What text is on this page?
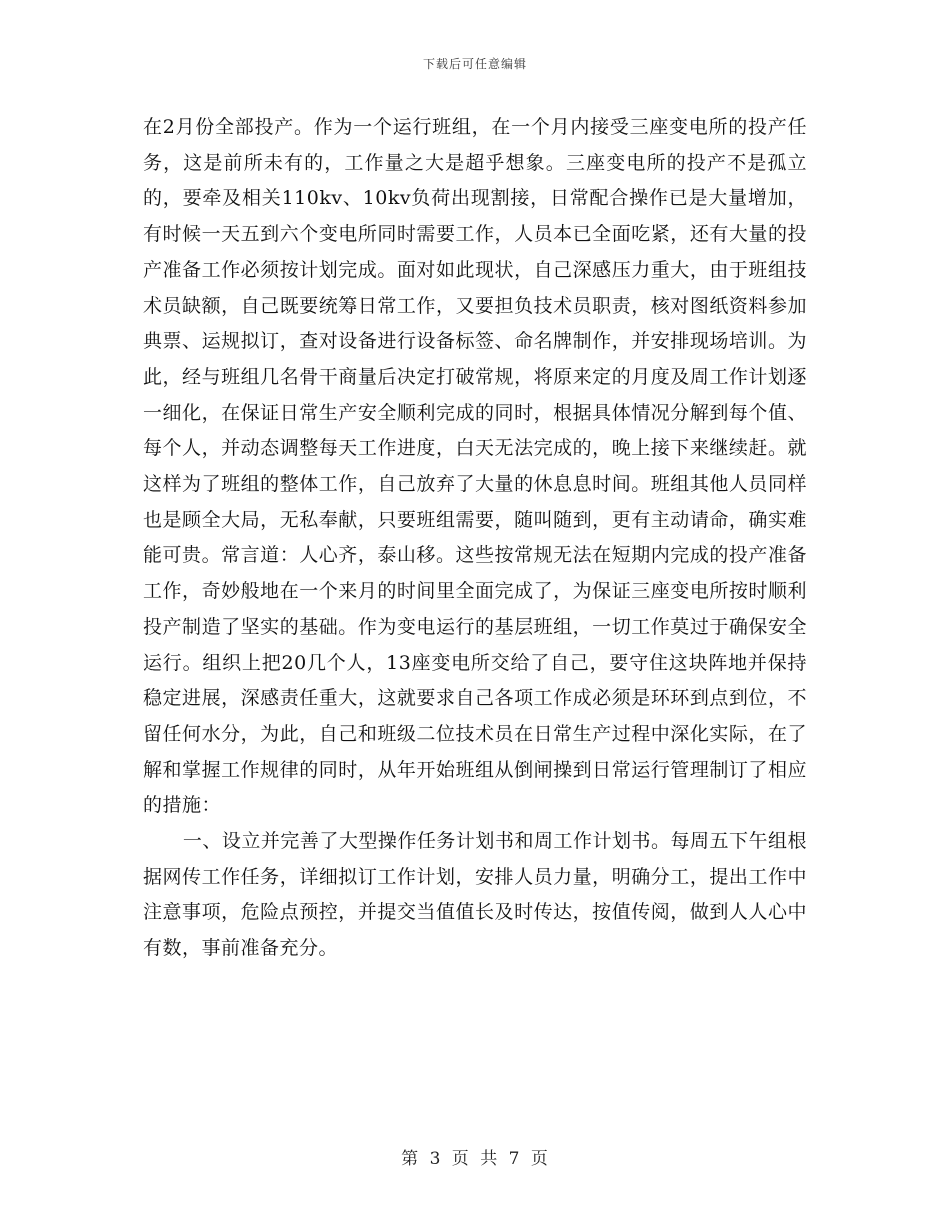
下载后可任意编辑

在2月份全部投产。作为一个运行班组，在一个月内接受三座变电所的投产任务，这是前所未有的，工作量之大是超乎想象。三座变电所的投产不是孤立的，要牵及相关110kv、10kv负荷出现割接，日常配合操作已是大量增加，有时候一天五到六个变电所同时需要工作，人员本已全面吃紧，还有大量的投产准备工作必须按计划完成。面对如此现状，自己深感压力重大，由于班组技术员缺额，自己既要统筹日常工作，又要担负技术员职责，核对图纸资料参加典票、运规拟订，查对设备进行设备标签、命名牌制作，并安排现场培训。为此，经与班组几名骨干商量后决定打破常规，将原来定的月度及周工作计划逐一细化，在保证日常生产安全顺利完成的同时，根据具体情况分解到每个值、每个人，并动态调整每天工作进度，白天无法完成的，晚上接下来继续赶。就这样为了班组的整体工作，自己放弃了大量的休息息时间。班组其他人员同样也是顾全大局，无私奉献，只要班组需要，随叫随到，更有主动请命，确实难能可贵。常言道：人心齐，泰山移。这些按常规无法在短期内完成的投产准备工作，奇妙般地在一个来月的时间里全面完成了，为保证三座变电所按时顺利投产制造了坚实的基础。作为变电运行的基层班组，一切工作莫过于确保安全运行。组织上把20几个人，13座变电所交给了自己，要守住这块阵地并保持稳定进展，深感责任重大，这就要求自己各项工作成必须是环环到点到位，不留任何水分，为此，自己和班级二位技术员在日常生产过程中深化实际，在了解和掌握工作规律的同时，从年开始班组从倒闸操到日常运行管理制订了相应的措施：

一、设立并完善了大型操作任务计划书和周工作计划书。每周五下午组根据网传工作任务，详细拟订工作计划，安排人员力量，明确分工，提出工作中注意事项，危险点预控，并提交当值值长及时传达，按值传阅，做到人人心中有数，事前准备充分。

第 3 页 共 7 页
